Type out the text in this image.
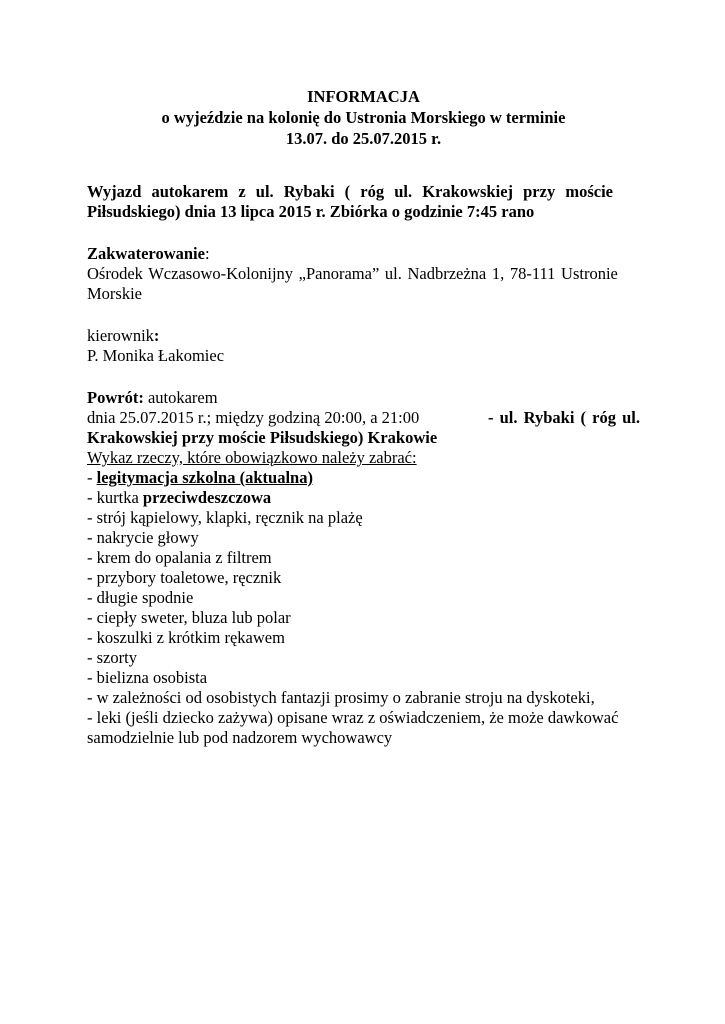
INFORMACJA
o wyjeździe na kolonię do Ustronia Morskiego w terminie
13.07. do 25.07.2015 r.
Wyjazd autokarem z ul. Rybaki ( róg ul. Krakowskiej przy moście
Piłsudskiego) dnia 13 lipca 2015 r. Zbiórka o godzinie 7:45 rano
Zakwaterowanie:
Ośrodek Wczasowo-Kolonijny „Panorama” ul. Nadbrzeżna 1, 78-111 Ustronie
Morskie
kierownik:
P. Monika Łakomiec
Powrót: autokarem
dnia 25.07.2015 r.; między godziną 20:00, a 21:00	- ul. Rybaki ( róg ul.
Krakowskiej przy moście Piłsudskiego) Krakowie
Wykaz rzeczy, które obowiązkowo należy zabrać:
- legitymacja szkolna (aktualna)
- kurtka przeciwdeszczowa
- strój kąpielowy, klapki, ręcznik na plażę
- nakrycie głowy
- krem do opalania z filtrem
- przybory toaletowe, ręcznik
- długie spodnie
- ciepły sweter, bluza lub polar
- koszulki z krótkim rękawem
- szorty
- bielizna osobista
- w zależności od osobistych fantazji prosimy o zabranie stroju na dyskoteki,
- leki (jeśli dziecko zażywa) opisane wraz z oświadczeniem, że może dawkować samodzielnie lub pod nadzorem wychowawcy
